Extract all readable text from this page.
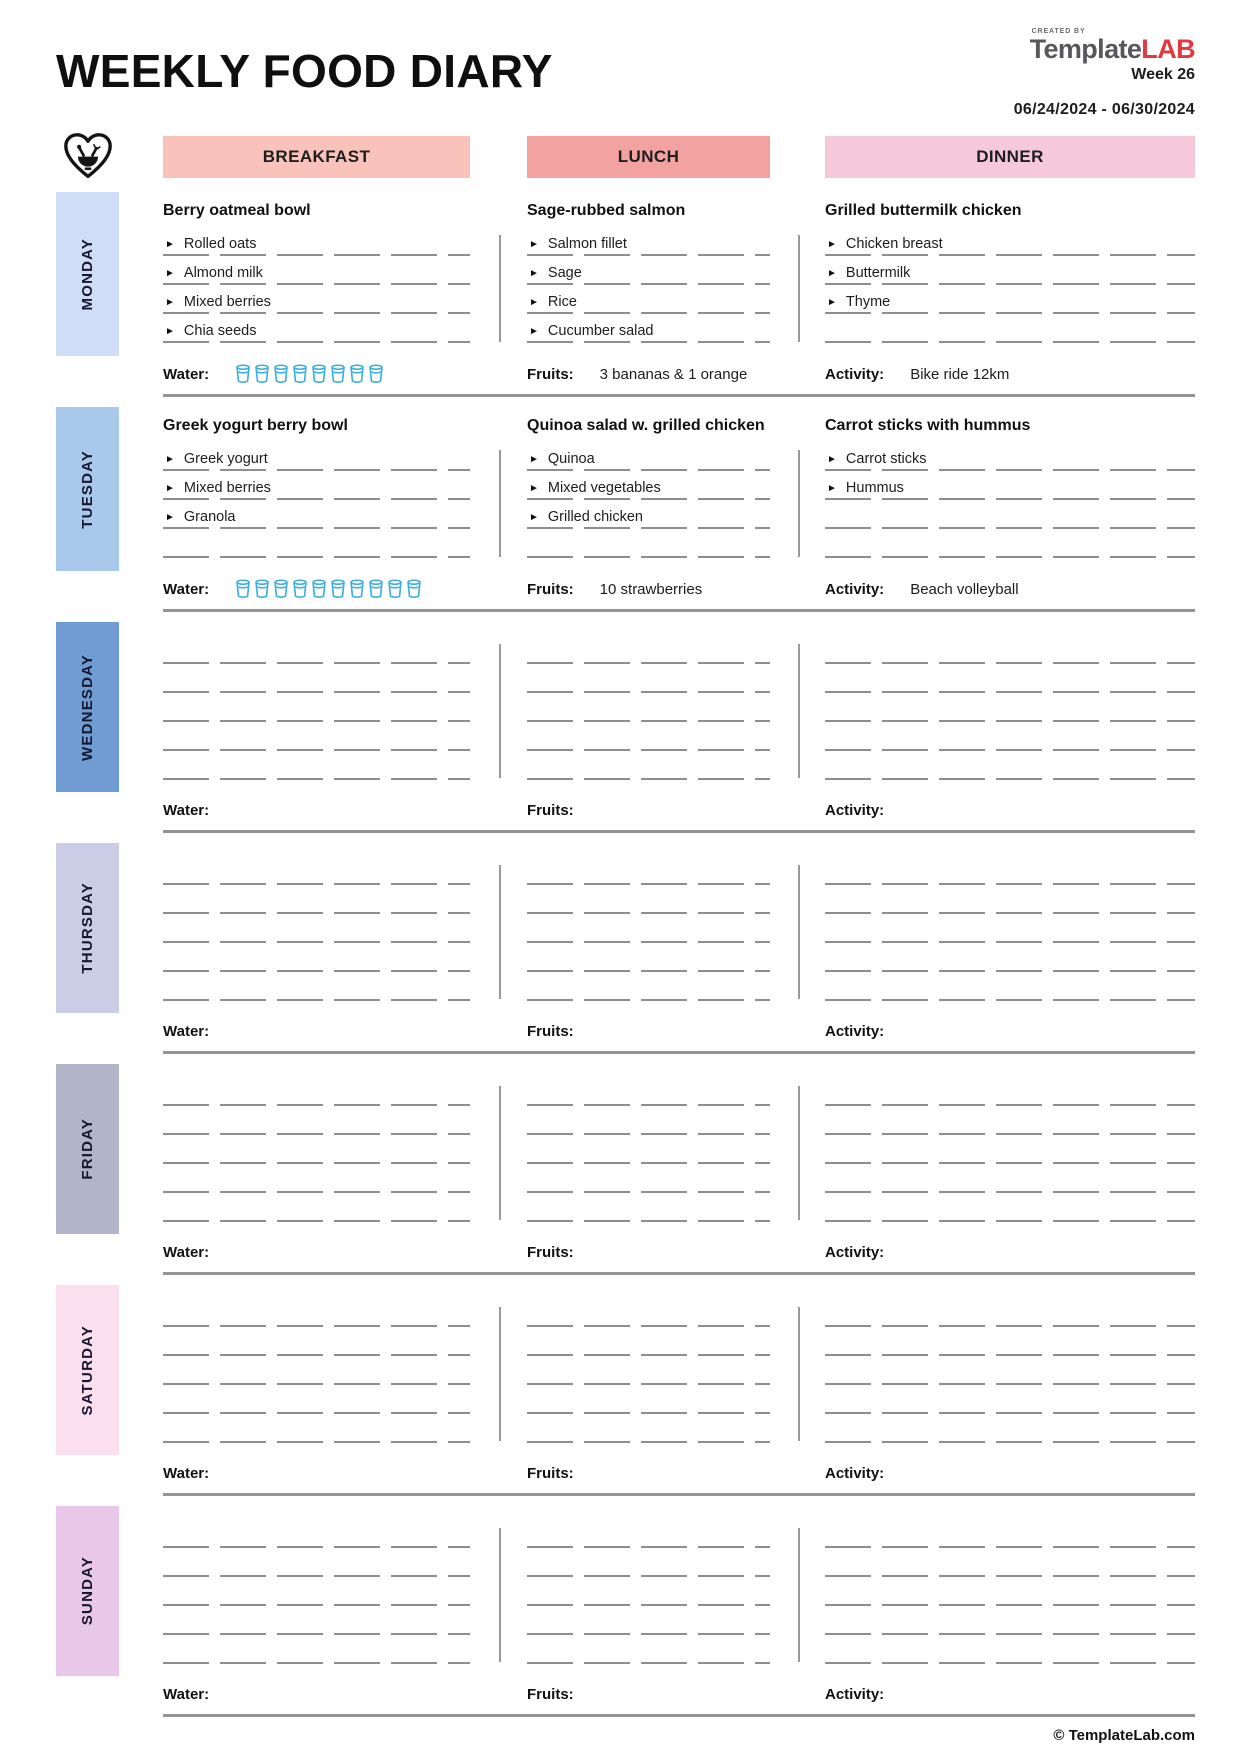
WEEKLY FOOD DIARY
CREATED BY
TemplateLAB
Week 26
06/24/2024 - 06/30/2024
BREAKFAST	LUNCH	DINNER
MONDAY
Berry oatmeal bowl
► Rolled oats
► Almond milk
► Mixed berries
► Chia seeds
Sage-rubbed salmon
► Salmon fillet
► Sage
► Rice
► Cucumber salad
Grilled buttermilk chicken
► Chicken breast
► Buttermilk
► Thyme
Water:	Fruits: 3 bananas & 1 orange	Activity: Bike ride 12km
TUESDAY
Greek yogurt berry bowl
► Greek yogurt
► Mixed berries
► Granola
Quinoa salad w. grilled chicken
► Quinoa
► Mixed vegetables
► Grilled chicken
Carrot sticks with hummus
► Carrot sticks
► Hummus
Water:	Fruits: 10 strawberries	Activity: Beach volleyball
WEDNESDAY
Water:	Fruits:	Activity:
THURSDAY
Water:	Fruits:	Activity:
FRIDAY
Water:	Fruits:	Activity:
SATURDAY
Water:	Fruits:	Activity:
SUNDAY
Water:	Fruits:	Activity:
© TemplateLab.com
